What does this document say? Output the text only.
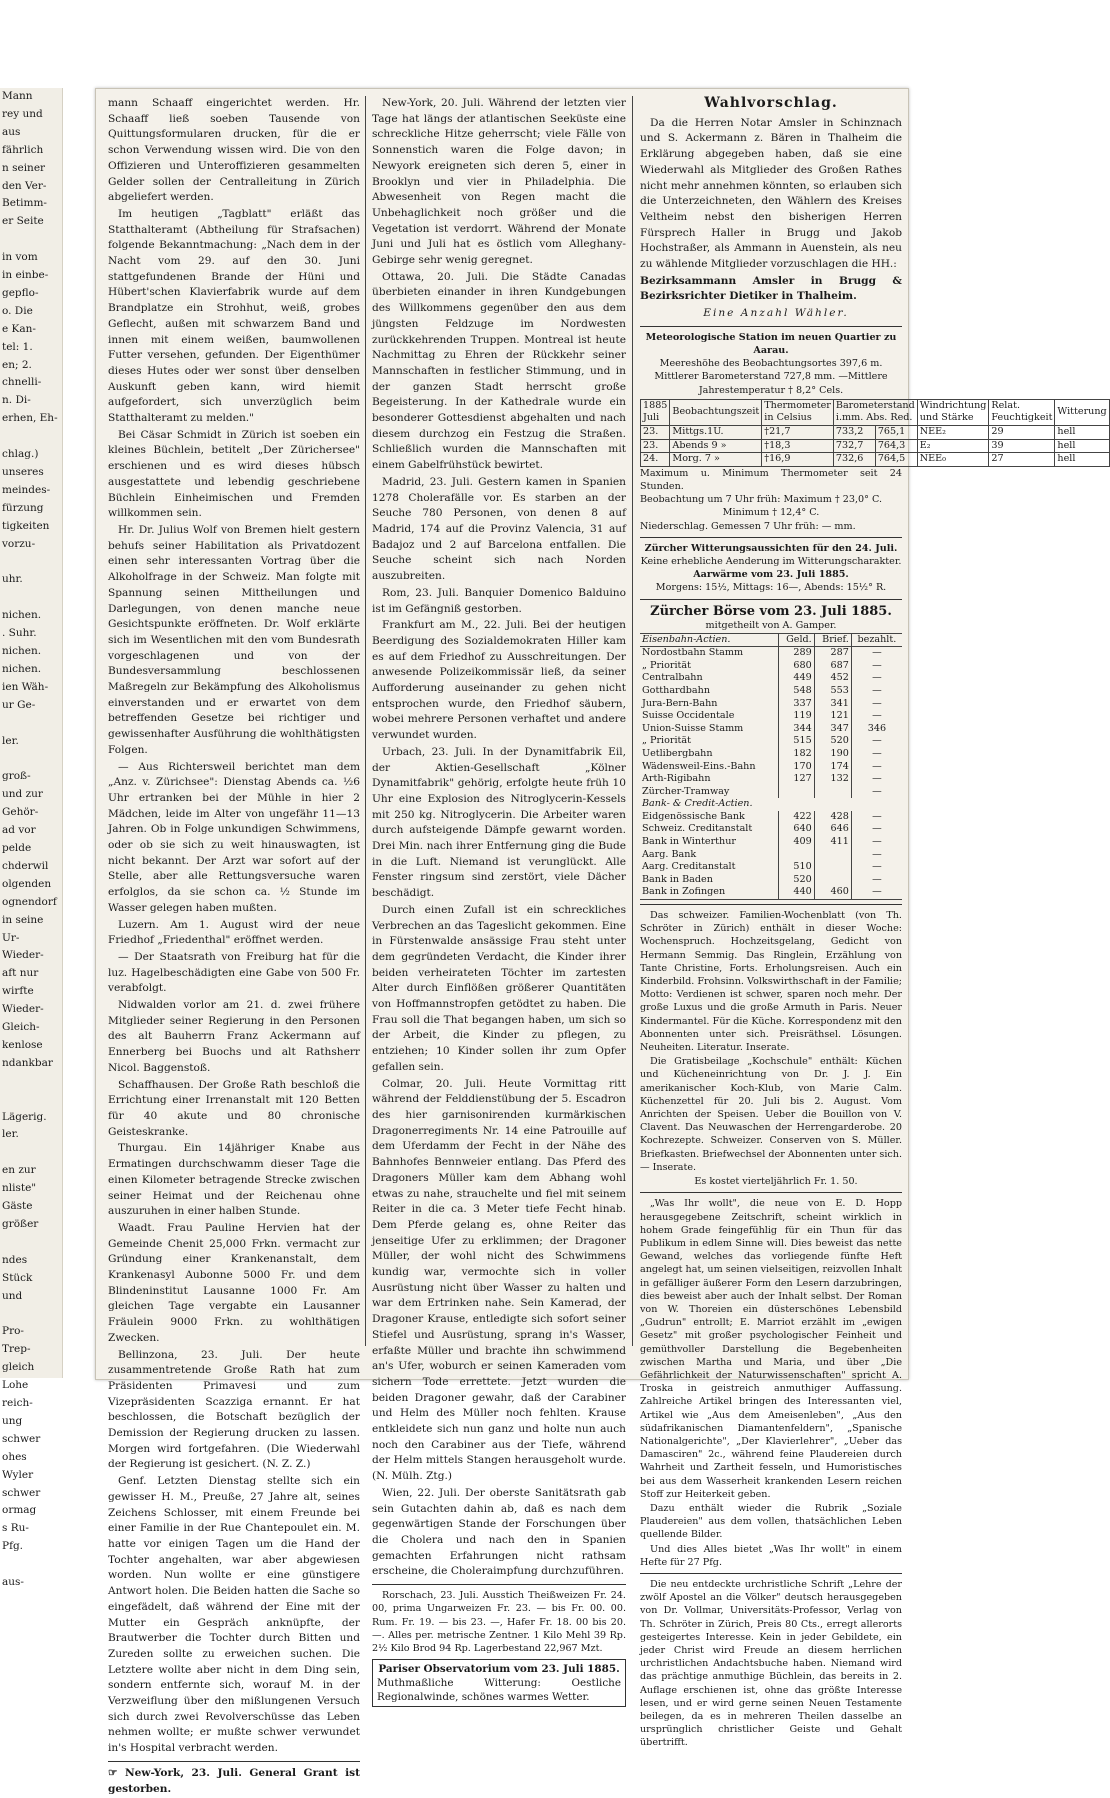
Mann
rey und
aus
fährlich
n seiner
den Ver-
Betimm-
er Seite
in vom
in einbe-
gepflo-
o. Die
e Kan-
tel: 1.
en; 2.
chnelli-
n. Di-
erhen, Eh-
chlag.)
unseres
meindes-
fürzung
tigkeiten
vorzu-
uhr.
nichen.
. Suhr.
nichen.
nichen.
ien Wäh-
ur Ge-
ler.
groß-
und zur
Gehör-
ad vor
pelde
chderwil
olgenden
ognendorf
in seine
Ur-
Wieder-
aft nur
wirfte
Wieder-
Gleich-
kenlose
ndankbar
Lägerig.
ler.
en zur
nliste"
Gäste
größer
ndes
Stück
und
Pro-
Trep-
gleich
Lohe
reich-
ung
schwer
ohes
Wyler
schwer
ormag
s Ru-
Pfg.
aus-

mann Schaaff eingerichtet werden. Hr. Schaaff ließ soeben Tausende von Quittungsformularen drucken, für die er schon Verwendung wissen wird. Die von den Offizieren und Unteroffizieren gesammelten Gelder sollen der Centralleitung in Zürich abgeliefert werden.

Im heutigen „Tagblatt" erläßt das Statthalteramt (Abtheilung für Strafsachen) folgende Bekanntmachung: „Nach dem in der Nacht vom 29. auf den 30. Juni stattgefundenen Brande der Hüni und Hübert'schen Klavierfabrik wurde auf dem Brandplatze ein Strohhut, weiß, grobes Geflecht, außen mit schwarzem Band und innen mit einem weißen, baumwollenen Futter versehen, gefunden. Der Eigenthümer dieses Hutes oder wer sonst über denselben Auskunft geben kann, wird hiemit aufgefordert, sich unverzüglich beim Statthalteramt zu melden."

Bei Cäsar Schmidt in Zürich ist soeben ein kleines Büchlein, betitelt „Der Zürichersee" erschienen und es wird dieses hübsch ausgestattete und lebendig geschriebene Büchlein Einheimischen und Fremden willkommen sein.

Hr. Dr. Julius Wolf von Bremen hielt gestern behufs seiner Habilitation als Privatdozent einen sehr interessanten Vortrag über die Alkoholfrage in der Schweiz. Man folgte mit Spannung seinen Mittheilungen und Darlegungen, von denen manche neue Gesichtspunkte eröffneten. Dr. Wolf erklärte sich im Wesentlichen mit den vom Bundesrath vorgeschlagenen und von der Bundesversammlung beschlossenen Maßregeln zur Bekämpfung des Alkoholismus einverstanden und er erwartet von dem betreffenden Gesetze bei richtiger und gewissenhafter Ausführung die wohlthätigsten Folgen.

— Aus Richtersweil berichtet man dem „Anz. v. Zürichsee": Dienstag Abends ca. ½6 Uhr ertranken bei der Mühle in hier 2 Mädchen, leide im Alter von ungefähr 11—13 Jahren. Ob in Folge unkundigen Schwimmens, oder ob sie sich zu weit hinauswagten, ist nicht bekannt. Der Arzt war sofort auf der Stelle, aber alle Rettungsversuche waren erfolglos, da sie schon ca. ½ Stunde im Wasser gelegen haben mußten.

Luzern. Am 1. August wird der neue Friedhof „Friedenthal" eröffnet werden.

— Der Staatsrath von Freiburg hat für die luz. Hagelbeschädigten eine Gabe von 500 Fr. verabfolgt.

Nidwalden vorlor am 21. d. zwei frühere Mitglieder seiner Regierung in den Personen des alt Bauherrn Franz Ackermann auf Ennerberg bei Buochs und alt Rathsherr Nicol. Baggenstoß.

Schaffhausen. Der Große Rath beschloß die Errichtung einer Irrenanstalt mit 120 Betten für 40 akute und 80 chronische Geisteskranke.

Thurgau. Ein 14jähriger Knabe aus Ermatingen durchschwamm dieser Tage die einen Kilometer betragende Strecke zwischen seiner Heimat und der Reichenau ohne auszuruhen in einer halben Stunde.

Waadt. Frau Pauline Hervien hat der Gemeinde Chenit 25,000 Frkn. vermacht zur Gründung einer Krankenanstalt, dem Krankenasyl Aubonne 5000 Fr. und dem Blindeninstitut Lausanne 1000 Fr. Am gleichen Tage vergabte ein Lausanner Fräulein 9000 Frkn. zu wohlthätigen Zwecken.

Bellinzona, 23. Juli. Der heute zusammentretende Große Rath hat zum Präsidenten Primavesi und zum Vizepräsidenten Scazziga ernannt. Er hat beschlossen, die Botschaft bezüglich der Demission der Regierung drucken zu lassen. Morgen wird fortgefahren. (Die Wiederwahl der Regierung ist gesichert. (N. Z. Z.)

Genf. Letzten Dienstag stellte sich ein gewisser H. M., Preuße, 27 Jahre alt, seines Zeichens Schlosser, mit einem Freunde bei einer Familie in der Rue Chantepoulet ein. M. hatte vor einigen Tagen um die Hand der Tochter angehalten, war aber abgewiesen worden. Nun wollte er eine günstigere Antwort holen. Die Beiden hatten die Sache so eingefädelt, daß während der Eine mit der Mutter ein Gespräch anknüpfte, der Brautwerber die Tochter durch Bitten und Zureden sollte zu erweichen suchen. Die Letztere wollte aber nicht in dem Ding sein, sondern entfernte sich, worauf M. in der Verzweiflung über den mißlungenen Versuch sich durch zwei Revolverschüsse das Leben nehmen wollte; er mußte schwer verwundet in's Hospital verbracht werden.

☞ New-York, 23. Juli. General Grant ist gestorben.

New-York, 20. Juli. Während der letzten vier Tage hat längs der atlantischen Seeküste eine schreckliche Hitze geherrscht; viele Fälle von Sonnenstich waren die Folge davon; in Newyork ereigneten sich deren 5, einer in Brooklyn und vier in Philadelphia. Die Abwesenheit von Regen macht die Unbehaglichkeit noch größer und die Vegetation ist verdorrt. Während der Monate Juni und Juli hat es östlich vom Alleghany-Gebirge sehr wenig geregnet.

Ottawa, 20. Juli. Die Städte Canadas überbieten einander in ihren Kundgebungen des Willkommens gegenüber den aus dem jüngsten Feldzuge im Nordwesten zurückkehrenden Truppen. Montreal ist heute Nachmittag zu Ehren der Rückkehr seiner Mannschaften in festlicher Stimmung, und in der ganzen Stadt herrscht große Begeisterung. In der Kathedrale wurde ein besonderer Gottesdienst abgehalten und nach diesem durchzog ein Festzug die Straßen. Schließlich wurden die Mannschaften mit einem Gabelfrühstück bewirtet.

Madrid, 23. Juli. Gestern kamen in Spanien 1278 Cholerafälle vor. Es starben an der Seuche 780 Personen, von denen 8 auf Madrid, 174 auf die Provinz Valencia, 31 auf Badajoz und 2 auf Barcelona entfallen. Die Seuche scheint sich nach Norden auszubreiten.

Rom, 23. Juli. Banquier Domenico Balduino ist im Gefängniß gestorben.

Frankfurt am M., 22. Juli. Bei der heutigen Beerdigung des Sozialdemokraten Hiller kam es auf dem Friedhof zu Ausschreitungen. Der anwesende Polizeikommissär ließ, da seiner Aufforderung auseinander zu gehen nicht entsprochen wurde, den Friedhof säubern, wobei mehrere Personen verhaftet und andere verwundet wurden.

Urbach, 23. Juli. In der Dynamitfabrik Eil, der Aktien-Gesellschaft „Kölner Dynamitfabrik" gehörig, erfolgte heute früh 10 Uhr eine Explosion des Nitroglycerin-Kessels mit 250 kg. Nitroglycerin. Die Arbeiter waren durch aufsteigende Dämpfe gewarnt worden. Drei Min. nach ihrer Entfernung ging die Bude in die Luft. Niemand ist verunglückt. Alle Fenster ringsum sind zerstört, viele Dächer beschädigt.

Durch einen Zufall ist ein schreckliches Verbrechen an das Tageslicht gekommen. Eine in Fürstenwalde ansässige Frau steht unter dem gegründeten Verdacht, die Kinder ihrer beiden verheirateten Töchter im zartesten Alter durch Einflößen größerer Quantitäten von Hoffmannstropfen getödtet zu haben. Die Frau soll die That begangen haben, um sich so der Arbeit, die Kinder zu pflegen, zu entziehen; 10 Kinder sollen ihr zum Opfer gefallen sein.

Colmar, 20. Juli. Heute Vormittag ritt während der Felddienstübung der 5. Escadron des hier garnisonirenden kurmärkischen Dragonerregiments Nr. 14 eine Patrouille auf dem Uferdamm der Fecht in der Nähe des Bahnhofes Bennweier entlang. Das Pferd des Dragoners Müller kam dem Abhang wohl etwas zu nahe, strauchelte und fiel mit seinem Reiter in die ca. 3 Meter tiefe Fecht hinab. Dem Pferde gelang es, ohne Reiter das jenseitige Ufer zu erklimmen; der Dragoner Müller, der wohl nicht des Schwimmens kundig war, vermochte sich in voller Ausrüstung nicht über Wasser zu halten und war dem Ertrinken nahe. Sein Kamerad, der Dragoner Krause, entledigte sich sofort seiner Stiefel und Ausrüstung, sprang in's Wasser, erfaßte Müller und brachte ihn schwimmend an's Ufer, woburch er seinen Kameraden vom sichern Tode errettete. Jetzt wurden die beiden Dragoner gewahr, daß der Carabiner und Helm des Müller noch fehlten. Krause entkleidete sich nun ganz und holte nun auch noch den Carabiner aus der Tiefe, während der Helm mittels Stangen herausgeholt wurde. (N. Mülh. Ztg.)

Wien, 22. Juli. Der oberste Sanitätsrath gab sein Gutachten dahin ab, daß es nach dem gegenwärtigen Stande der Forschungen über die Cholera und nach den in Spanien gemachten Erfahrungen nicht rathsam erscheine, die Choleraimpfung durchzuführen.

Rorschach, 23. Juli. Ausstich Theißweizen Fr. 24. 00, prima Ungarweizen Fr. 23. — bis Fr. 00. 00. Rum. Fr. 19. — bis 23. —, Hafer Fr. 18. 00 bis 20. —. Alles per. metrische Zentner. 1 Kilo Mehl 39 Rp. 2½ Kilo Brod 94 Rp. Lagerbestand 22,967 Mzt.

Pariser Observatorium vom 23. Juli 1885.
Muthmaßliche Witterung: Oestliche Regionalwinde, schönes warmes Wetter.
Wahlvorschlag.

Da die Herren Notar Amsler in Schinznach und S. Ackermann z. Bären in Thalheim die Erklärung abgegeben haben, daß sie eine Wiederwahl als Mitglieder des Großen Rathes nicht mehr annehmen könnten, so erlauben sich die Unterzeichneten, den Wählern des Kreises Veltheim nebst den bisherigen Herren Fürsprech Haller in Brugg und Jakob Hochstraßer, als Ammann in Auenstein, als neu zu wählende Mitglieder vorzuschlagen die HH.:

Bezirksammann Amsler in Brugg & Bezirksrichter Dietiker in Thalheim.

Eine Anzahl Wähler.

Meteorologische Station im neuen Quartier zu Aarau.
Meereshöhe des Beobachtungsortes 397,6 m.
Mittlerer Barometerstand 727,8 mm. —Mittlere Jahrestemperatur † 8,2° Cels.
1885 Juli	Beobachtungszeit	Thermometer in Celsius	Barometerstand i.mm. Abs. Red.		Windrichtung und Stärke	Relat. Feuchtigkeit	Witterung
23.	Mittgs.1U.	†21,7	733,2	765,1	NEE₂	29	hell
23.	Abends 9 »	†18,3	732,7	764,3	E₂	39	hell
24.	Morg. 7 »	†16,9	732,6	764,5	NEE₀	27	hell
Maximum u. Minimum Thermometer seit 24 Stunden.
Beobachtung um 7 Uhr früh: Maximum † 23,0° C.
Minimum † 12,4° C.
Niederschlag. Gemessen 7 Uhr früh: — mm.
Zürcher Witterungsaussichten für den 24. Juli.
Keine erhebliche Aenderung im Witterungscharakter.
Aarwärme vom 23. Juli 1885.
Morgens: 15½, Mittags: 16—, Abends: 15½° R.
Zürcher Börse vom 23. Juli 1885.
mitgetheilt von A. Gamper.
Eisenbahn-Actien.	Geld.	Brief.	bezahlt.
Nordostbahn Stamm	289	287	—
„ Priorität	680	687	—
Centralbahn	449	452	—
Gotthardbahn	548	553	—
Jura-Bern-Bahn	337	341	—
Suisse Occidentale	119	121	—
Union-Suisse Stamm	344	347	346
„ Priorität	515	520	—
Uetlibergbahn	182	190	—
Wädensweil-Eins.-Bahn	170	174	—
Arth-Rigibahn	127	132	—
Zürcher-Tramway			—
Bank- & Credit-Actien.			
Eidgenössische Bank	422	428	—
Schweiz. Creditanstalt	640	646	—
Bank in Winterthur	409	411	—
Aarg. Bank			—
Aarg. Creditanstalt	510		—
Bank in Baden	520		—
Bank in Zofingen	440	460	—

Das schweizer. Familien-Wochenblatt (von Th. Schröter in Zürich) enthält in dieser Woche: Wochenspruch. Hochzeitsgelang, Gedicht von Hermann Semmig. Das Ringlein, Erzählung von Tante Christine, Forts. Erholungsreisen. Auch ein Kinderbild. Frohsinn. Volkswirthschaft in der Familie; Motto: Verdienen ist schwer, sparen noch mehr. Der große Luxus und die große Armuth in Paris. Neuer Kindermantel. Für die Küche. Korrespondenz mit den Abonnenten unter sich. Preisräthsel. Lösungen. Neuheiten. Literatur. Inserate.

Die Gratisbeilage „Kochschule" enthält: Küchen und Kücheneinrichtung von Dr. J. J. Ein amerikanischer Koch-Klub, von Marie Calm. Küchenzettel für 20. Juli bis 2. August. Vom Anrichten der Speisen. Ueber die Bouillon von V. Clavent. Das Neuwaschen der Herrengarderobe. 20 Kochrezepte. Schweizer. Conserven von S. Müller. Briefkasten. Briefwechsel der Abonnenten unter sich. — Inserate.

Es kostet vierteljährlich Fr. 1. 50.

„Was Ihr wollt", die neue von E. D. Hopp herausgegebene Zeitschrift, scheint wirklich in hohem Grade feingefühlig für ein Thun für das Publikum in edlem Sinne will. Dies beweist das nette Gewand, welches das vorliegende fünfte Heft angelegt hat, um seinen vielseitigen, reizvollen Inhalt in gefälliger äußerer Form den Lesern darzubringen, dies beweist aber auch der Inhalt selbst. Der Roman von W. Thoreien ein düsterschönes Lebensbild „Gudrun" entrollt; E. Marriot erzählt im „ewigen Gesetz" mit großer psychologischer Feinheit und gemüthvoller Darstellung die Begebenheiten zwischen Martha und Maria, und über „Die Gefährlichkeit der Naturwissenschaften" spricht A. Troska in geistreich anmuthiger Auffassung. Zahlreiche Artikel bringen des Interessanten viel, Artikel wie „Aus dem Ameisenleben", „Aus den südafrikanischen Diamantenfeldern", „Spanische Nationalgerichte", „Der Klavierlehrer", „Ueber das Damasciren" 2c., während feine Plaudereien durch Wahrheit und Zartheit fesseln, und Humoristisches bei aus dem Wasserheit krankenden Lesern reichen Stoff zur Heiterkeit geben.

Dazu enthält wieder die Rubrik „Soziale Plaudereien" aus dem vollen, thatsächlichen Leben quellende Bilder.

Und dies Alles bietet „Was Ihr wollt" in einem Hefte für 27 Pfg.

Die neu entdeckte urchristliche Schrift „Lehre der zwölf Apostel an die Völker" deutsch herausgegeben von Dr. Vollmar, Universitäts-Professor, Verlag von Th. Schröter in Zürich, Preis 80 Cts., erregt allerorts gesteigertes Interesse. Kein in jeder Gebildete, ein jeder Christ wird Freude an diesem herrlichen urchristlichen Andachtsbuche haben. Niemand wird das prächtige anmuthige Büchlein, das bereits in 2. Auflage erschienen ist, ohne das größte Interesse lesen, und er wird gerne seinen Neuen Testamente beilegen, da es in mehreren Theilen dasselbe an ursprünglich christlicher Geiste und Gehalt übertrifft.
